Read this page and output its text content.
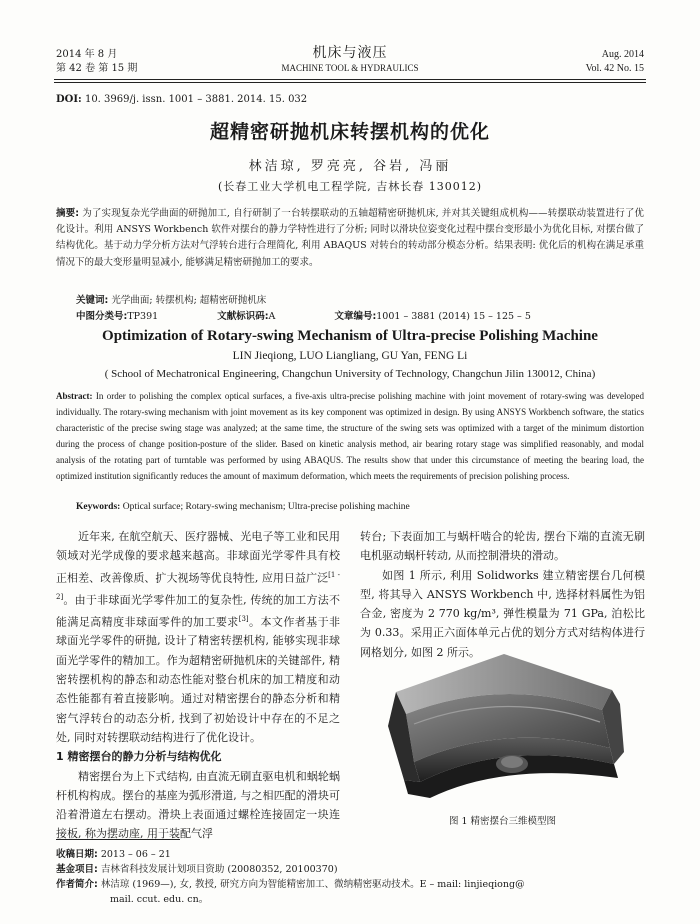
2014 年 8 月
第 42 卷 第 15 期
机床与液压
MACHINE TOOL & HYDRAULICS
Aug. 2014
Vol. 42 No. 15
DOI: 10. 3969/j. issn. 1001 – 3881. 2014. 15. 032
超精密研抛机床转摆机构的优化
林洁琼, 罗亮亮, 谷岩, 冯丽
(长春工业大学机电工程学院, 吉林长春 130012)
摘要: 为了实现复杂光学曲面的研抛加工, 自行研制了一台转摆联动的五轴超精密研抛机床, 并对其关键组成机构——转摆联动装置进行了优化设计。利用 ANSYS Workbench 软件对摆台的静力学特性进行了分析; 同时以滑块位姿变化过程中摆台变形最小为优化目标, 对摆台做了结构优化。基于动力学分析方法对气浮转台进行合理简化, 利用 ABAQUS 对转台的转动部分模态分析。结果表明: 优化后的机构在满足承重情况下的最大变形量明显减小, 能够满足精密研抛加工的要求。
关键词: 光学曲面; 转摆机构; 超精密研抛机床
中图分类号:TP391	文献标识码:A	文章编号:1001 – 3881 (2014) 15 – 125 – 5
Optimization of Rotary-swing Mechanism of Ultra-precise Polishing Machine
LIN Jieqiong, LUO Liangliang, GU Yan, FENG Li
( School of Mechatronical Engineering, Changchun University of Technology, Changchun Jilin 130012, China)
Abstract: In order to polishing the complex optical surfaces, a five-axis ultra-precise polishing machine with joint movement of rotary-swing was developed individually. The rotary-swing mechanism with joint movement as its key component was optimized in design. By using ANSYS Workbench software, the statics characteristic of the precise swing stage was analyzed; at the same time, the structure of the swing sets was optimized with a target of the minimum distortion during the process of change position-posture of the slider. Based on kinetic analysis method, air bearing rotary stage was simplified reasonably, and modal analysis of the rotating part of turntable was performed by using ABAQUS. The results show that under this circumstance of meeting the bearing load, the optimized institution significantly reduces the amount of maximum deformation, which meets the requirements of precision polishing process.
Keywords: Optical surface; Rotary-swing mechanism; Ultra-precise polishing machine

近年来, 在航空航天、医疗器械、光电子等工业和民用领域对光学成像的要求越来越高。非球面光学零件具有校正相差、改善像质、扩大视场等优良特性, 应用日益广泛[1 - 2]。由于非球面光学零件加工的复杂性, 传统的加工方法不能满足高精度非球面零件的加工要求[3]。本文作者基于非球面光学零件的研抛, 设计了精密转摆机构, 能够实现非球面光学零件的精加工。作为超精密研抛机床的关键部件, 精密转摆机构的静态和动态性能对整台机床的加工精度和动态性能都有着直接影响。通过对精密摆台的静态分析和精密气浮转台的动态分析, 找到了初始设计中存在的不足之处, 同时对转摆联动结构进行了优化设计。

1 精密摆台的静力分析与结构优化

精密摆台为上下式结构, 由直流无刷直驱电机和蜗轮蜗杆机构构成。摆台的基座为弧形滑道, 与之相匹配的滑块可沿着滑道左右摆动。滑块上表面通过螺栓连接固定一块连接板, 称为摆动座, 用于装配气浮

转台; 下表面加工与蜗杆啮合的轮齿, 摆台下端的直流无刷电机驱动蜗杆转动, 从而控制滑块的滑动。

如图 1 所示, 利用 Solidworks 建立精密摆台几何模型, 将其导入 ANSYS Workbench 中, 选择材料属性为铝合金, 密度为 2 770 kg/m³, 弹性模量为 71 GPa, 泊松比为 0.33。采用正六面体单元占优的划分方式对结构体进行网格划分, 如图 2 所示。

图 1 精密摆台三维模型图
收稿日期: 2013 – 06 – 21
基金项目: 吉林省科技发展计划项目资助 (20080352, 20100370)
作者简介: 林洁琼 (1969—), 女, 教授, 研究方向为智能精密加工、微纳精密驱动技术。E – mail: linjieqiong@
mail. ccut. edu. cn。
